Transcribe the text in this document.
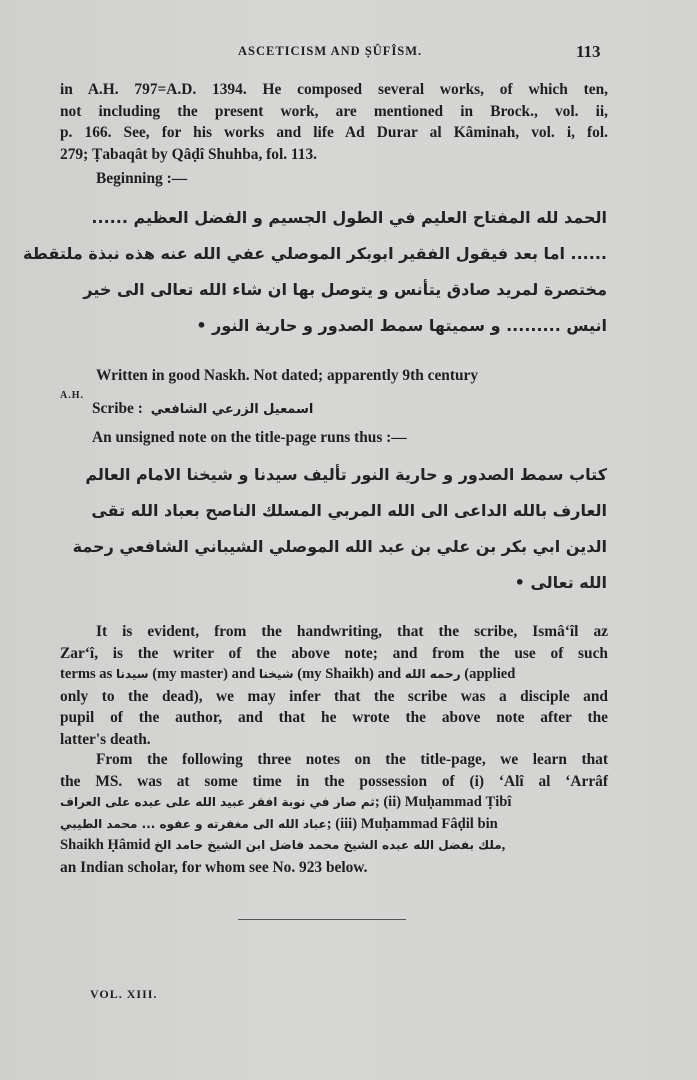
ASCETICISM AND ṢÛFÎSM.	113
in A.H. 797=A.D. 1394. He composed several works, of which ten,
not including the present work, are mentioned in Brock., vol. ii,
p. 166. See, for his works and life Ad Durar al Kâminah, vol. i, fol.
279; Ṭabaqât by Qâḍî Shuhba, fol. 113.
Beginning :—
الحمد لله المفتاح العليم في الطول الجسيم و الفضل العظيم ......
...... اما بعد فيقول الفقير ابوبكر الموصلي عفي الله عنه هذه نبذة ملتقطة
مختصرة لمريد صادق يتأنس و يتوصل بها ان شاء الله تعالى الى خير
انيس ......... و سميتها سمط الصدور و حارية النور •
Written in good Naskh. Not dated; apparently 9th century
A.H.
Scribe : اسمعيل الزرعي الشافعي
An unsigned note on the title-page runs thus :—
كتاب سمط الصدور و حارية النور تأليف سيدنا و شيخنا الامام العالم
العارف بالله الداعى الى الله المربي المسلك الناصح بعباد الله تقى
الدين ابي بكر بن علي بن عبد الله الموصلي الشيباني الشافعي رحمة
الله تعالى •
It is evident, from the handwriting, that the scribe, Ismâ‘îl az
Zar‘î, is the writer of the above note; and from the use of such
terms as سيدنا (my master) and شيخنا (my Shaikh) and رحمه الله (applied
only to the dead), we may infer that the scribe was a disciple and
pupil of the author, and that he wrote the above note after the
latter's death.
From the following three notes on the title-page, we learn that
the MS. was at some time in the possession of (i) ‘Alî al ‘Arrâf
ثم صار في نوبة افقر عبيد الله على عبده على العراف; (ii) Muḥammad Ṭibî
عباد الله الى مغفرته و عفوه ... محمد الطيبي; (iii) Muḥammad Fâḍil bin
Shaikh Ḥâmid ملك بفضل الله عبده الشيخ محمد فاضل ابن الشيخ حامد الخ,
an Indian scholar, for whom see No. 923 below.
VOL. XIII.
